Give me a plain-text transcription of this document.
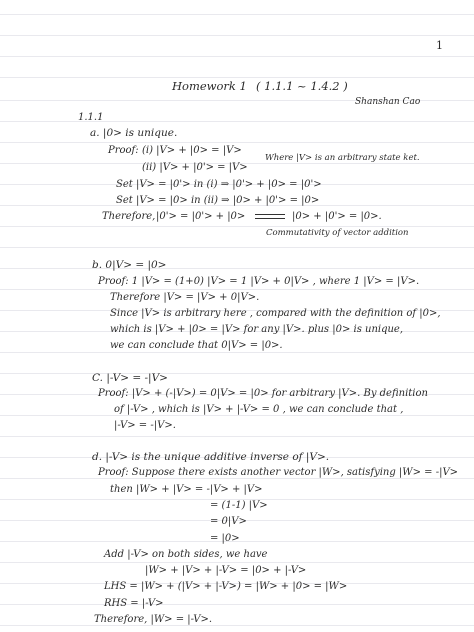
1
Homework 1 ( 1.1.1 ~ 1.4.2 )
Shanshan Cao
1.1.1
a. |0> is unique.
Proof: (i) |V> + |0> = |V>
(ii) |V> + |0'> = |V>
Where |V> is an arbitrary state ket.
Set |V> = |0'> in (i) ⇒ |0'> + |0> = |0'>
Set |V> = |0> in (ii) ⇒ |0> + |0'> = |0>
Therefore, |0'> = |0'> + |0>	|0> + |0'> = |0>.
Commutativity of vector addition
b. 0|V> = |0>
Proof: 1 |V> = (1+0) |V> = 1 |V> + 0|V> , where 1 |V> = |V>.
Therefore |V> = |V> + 0|V>.
Since |V> is arbitrary here , compared with the definition of |0>,
which is |V> + |0> = |V> for any |V>. plus |0> is unique,
we can conclude that 0|V> = |0>.
C. |-V> = -|V>
Proof: |V> + (-|V>) = 0|V> = |0> for arbitrary |V>. By definition
of |-V> , which is |V> + |-V> = 0 , we can conclude that ,
|-V> = -|V>.
d. |-V> is the unique additive inverse of |V>.
Proof: Suppose there exists another vector |W>, satisfying |W> = -|V>
then |W> + |V> = -|V> + |V>
= (1-1) |V>
= 0|V>
= |0>
Add |-V> on both sides, we have
|W> + |V> + |-V> = |0> + |-V>
LHS = |W> + (|V> + |-V>) = |W> + |0> = |W>
RHS = |-V>
Therefore, |W> = |-V>.
